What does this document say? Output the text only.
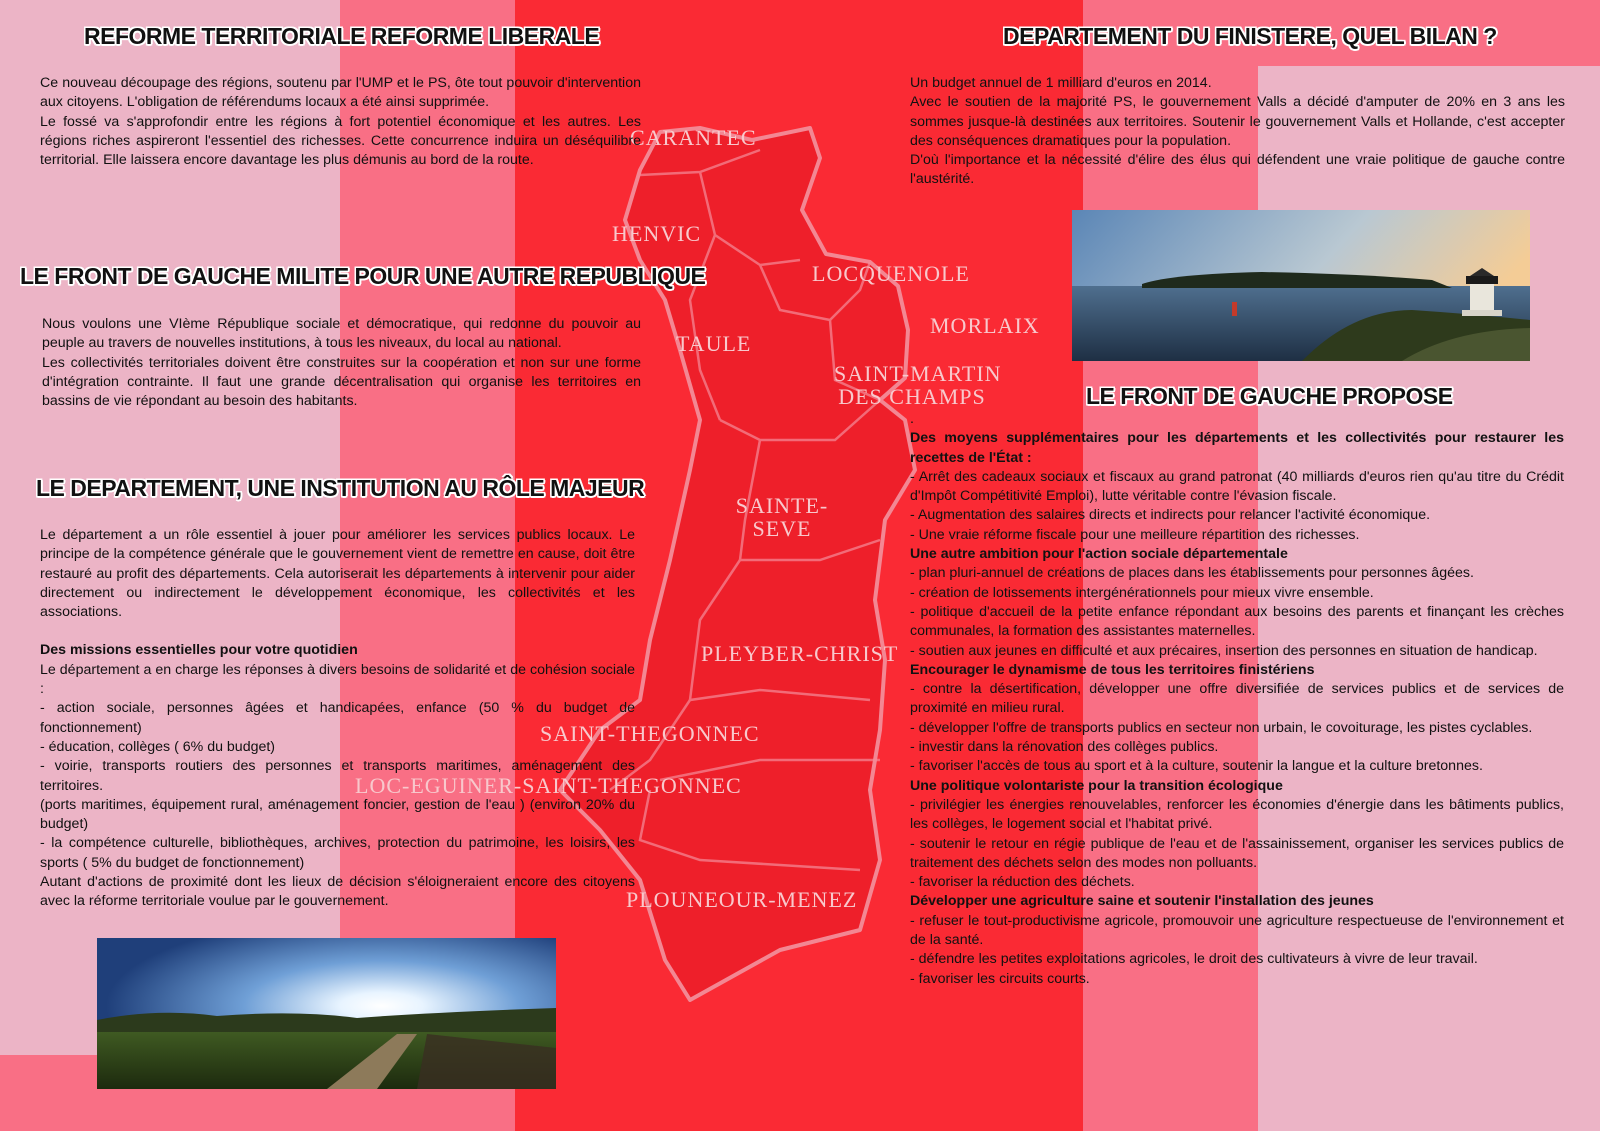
CARANTEC
HENVIC
LOCQUENOLE
MORLAIX
TAULE
SAINT-MARTIN
DES CHAMPS
SAINTE-
SEVE
PLEYBER-CHRIST
SAINT-THEGONNEC
LOC-EGUINER-SAINT-THEGONNEC
PLOUNEOUR-MENEZ
REFORME TERRITORIALE REFORME LIBERALE

Ce nouveau découpage des régions, soutenu par l'UMP et le PS, ôte tout pouvoir d'intervention aux citoyens. L'obligation de référendums locaux a été ainsi supprimée.

Le fossé va s'approfondir entre les régions à fort potentiel économique et les autres. Les régions riches aspireront l'essentiel des richesses. Cette concurrence induira un déséquilibre territorial. Elle laissera encore davantage les plus démunis au bord de la route.

LE FRONT DE GAUCHE MILITE POUR UNE AUTRE REPUBLIQUE

Nous voulons une VIème République sociale et démocratique, qui redonne du pouvoir au peuple au travers de nouvelles institutions, à tous les niveaux, du local au national.

Les collectivités territoriales doivent être construites sur la coopération et non sur une forme d'intégration contrainte. Il faut une grande décentralisation qui organise les territoires en bassins de vie répondant au besoin des habitants.

LE DEPARTEMENT, UNE INSTITUTION AU RÔLE MAJEUR

Le département a un rôle essentiel à jouer pour améliorer les services publics locaux. Le principe de la compétence générale que le gouvernement vient de remettre en cause, doit être restauré au profit des départements. Cela autoriserait les départements à intervenir pour aider directement ou indirectement le développement économique, les collectivités et les associations.

Des missions essentielles pour votre quotidien

Le département a en charge les réponses à divers besoins de solidarité et de cohésion sociale :

- action sociale, personnes âgées et handicapées, enfance (50 % du budget de fonctionnement)

- éducation, collèges ( 6% du budget)

- voirie, transports routiers des personnes et transports maritimes, aménagement des territoires.

(ports maritimes, équipement rural, aménagement foncier, gestion de l'eau ) (environ 20% du budget)

- la compétence culturelle, bibliothèques, archives, protection du patrimoine, les loisirs, les sports ( 5% du budget de fonctionnement)

Autant d'actions de proximité dont les lieux de décision s'éloigneraient encore des citoyens avec la réforme territoriale voulue par le gouvernement.

DEPARTEMENT DU FINISTERE, QUEL BILAN ?

Un budget annuel de 1 milliard d'euros en 2014.

Avec le soutien de la majorité PS, le gouvernement Valls a décidé d'amputer de 20% en 3 ans les sommes jusque-là destinées aux territoires. Soutenir le gouvernement Valls et Hollande, c'est accepter des conséquences dramatiques pour la population.

D'où l'importance et la nécessité d'élire des élus qui défendent une vraie politique de gauche contre l'austérité.

LE FRONT DE GAUCHE PROPOSE

.

Des moyens supplémentaires pour les départements et les collectivités pour restaurer les recettes de l'État :

- Arrêt des cadeaux sociaux et fiscaux au grand patronat (40 milliards d'euros rien qu'au titre du Crédit d'Impôt Compétitivité Emploi), lutte véritable contre l'évasion fiscale.

- Augmentation des salaires directs et indirects pour relancer l'activité économique.

- Une vraie réforme fiscale pour une meilleure répartition des richesses.

Une autre ambition pour l'action sociale départementale

- plan pluri-annuel de créations de places dans les établissements pour personnes âgées.

- création de lotissements intergénérationnels pour mieux vivre ensemble.

- politique d'accueil de la petite enfance répondant aux besoins des parents et finançant les crèches communales, la formation des assistantes maternelles.

- soutien aux jeunes en difficulté et aux précaires, insertion des personnes en situation de handicap.

Encourager le dynamisme de tous les territoires finistériens

- contre la désertification, développer une offre diversifiée de services publics et de services de proximité en milieu rural.

- développer l'offre de transports publics en secteur non urbain, le covoiturage, les pistes cyclables.

- investir dans la rénovation des collèges publics.

- favoriser l'accès de tous au sport et à la culture, soutenir la langue et la culture bretonnes.

Une politique volontariste pour la transition écologique

- privilégier les énergies renouvelables, renforcer les économies d'énergie dans les bâtiments publics, les collèges, le logement social et l'habitat privé.

- soutenir le retour en régie publique de l'eau et de l'assainissement, organiser les services publics de traitement des déchets selon des modes non polluants.

- favoriser la réduction des déchets.

Développer une agriculture saine et soutenir l'installation des jeunes

- refuser le tout-productivisme agricole, promouvoir une agriculture respectueuse de l'environnement et de la santé.

- défendre les petites exploitations agricoles, le droit des cultivateurs à vivre de leur travail.

- favoriser les circuits courts.
